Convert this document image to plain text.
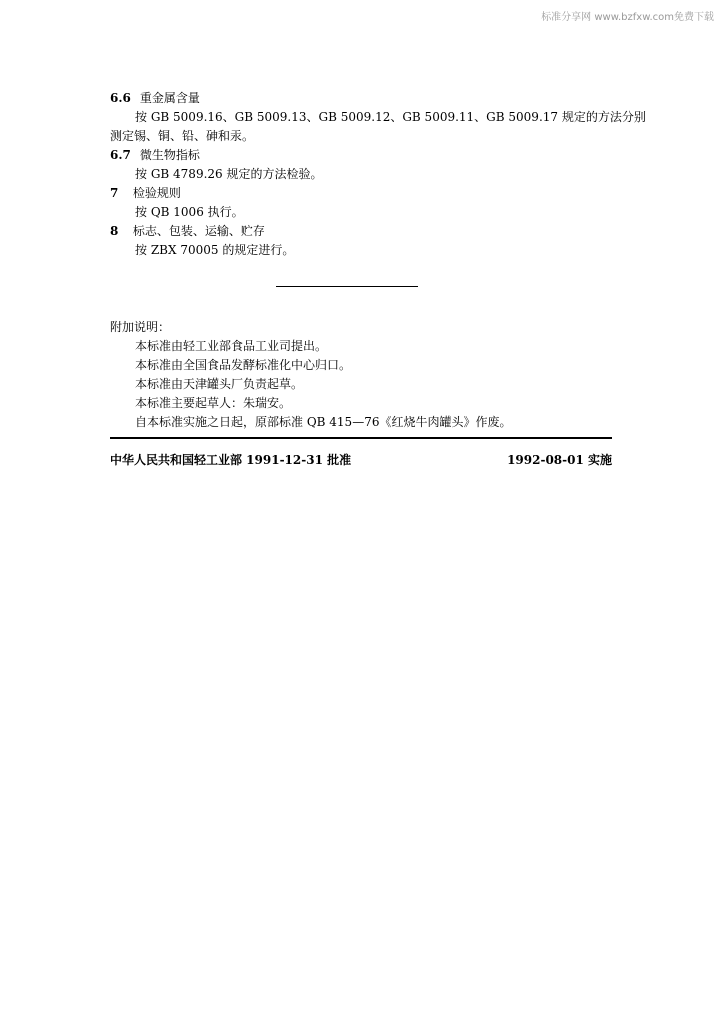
标准分享网 www.bzfxw.com免费下载
6.6 重金属含量
按 GB 5009.16、GB 5009.13、GB 5009.12、GB 5009.11、GB 5009.17 规定的方法分别
测定锡、铜、铅、砷和汞。
6.7 微生物指标
按 GB 4789.26 规定的方法检验。
7 检验规则
按 QB 1006 执行。
8 标志、包装、运输、贮存
按 ZBX 70005 的规定进行。
附加说明：
本标准由轻工业部食品工业司提出。
本标准由全国食品发酵标准化中心归口。
本标准由天津罐头厂负责起草。
本标准主要起草人：朱瑞安。
自本标准实施之日起，原部标准 QB 415—76《红烧牛肉罐头》作废。
中华人民共和国轻工业部 1991-12-31 批准	1992-08-01 实施
